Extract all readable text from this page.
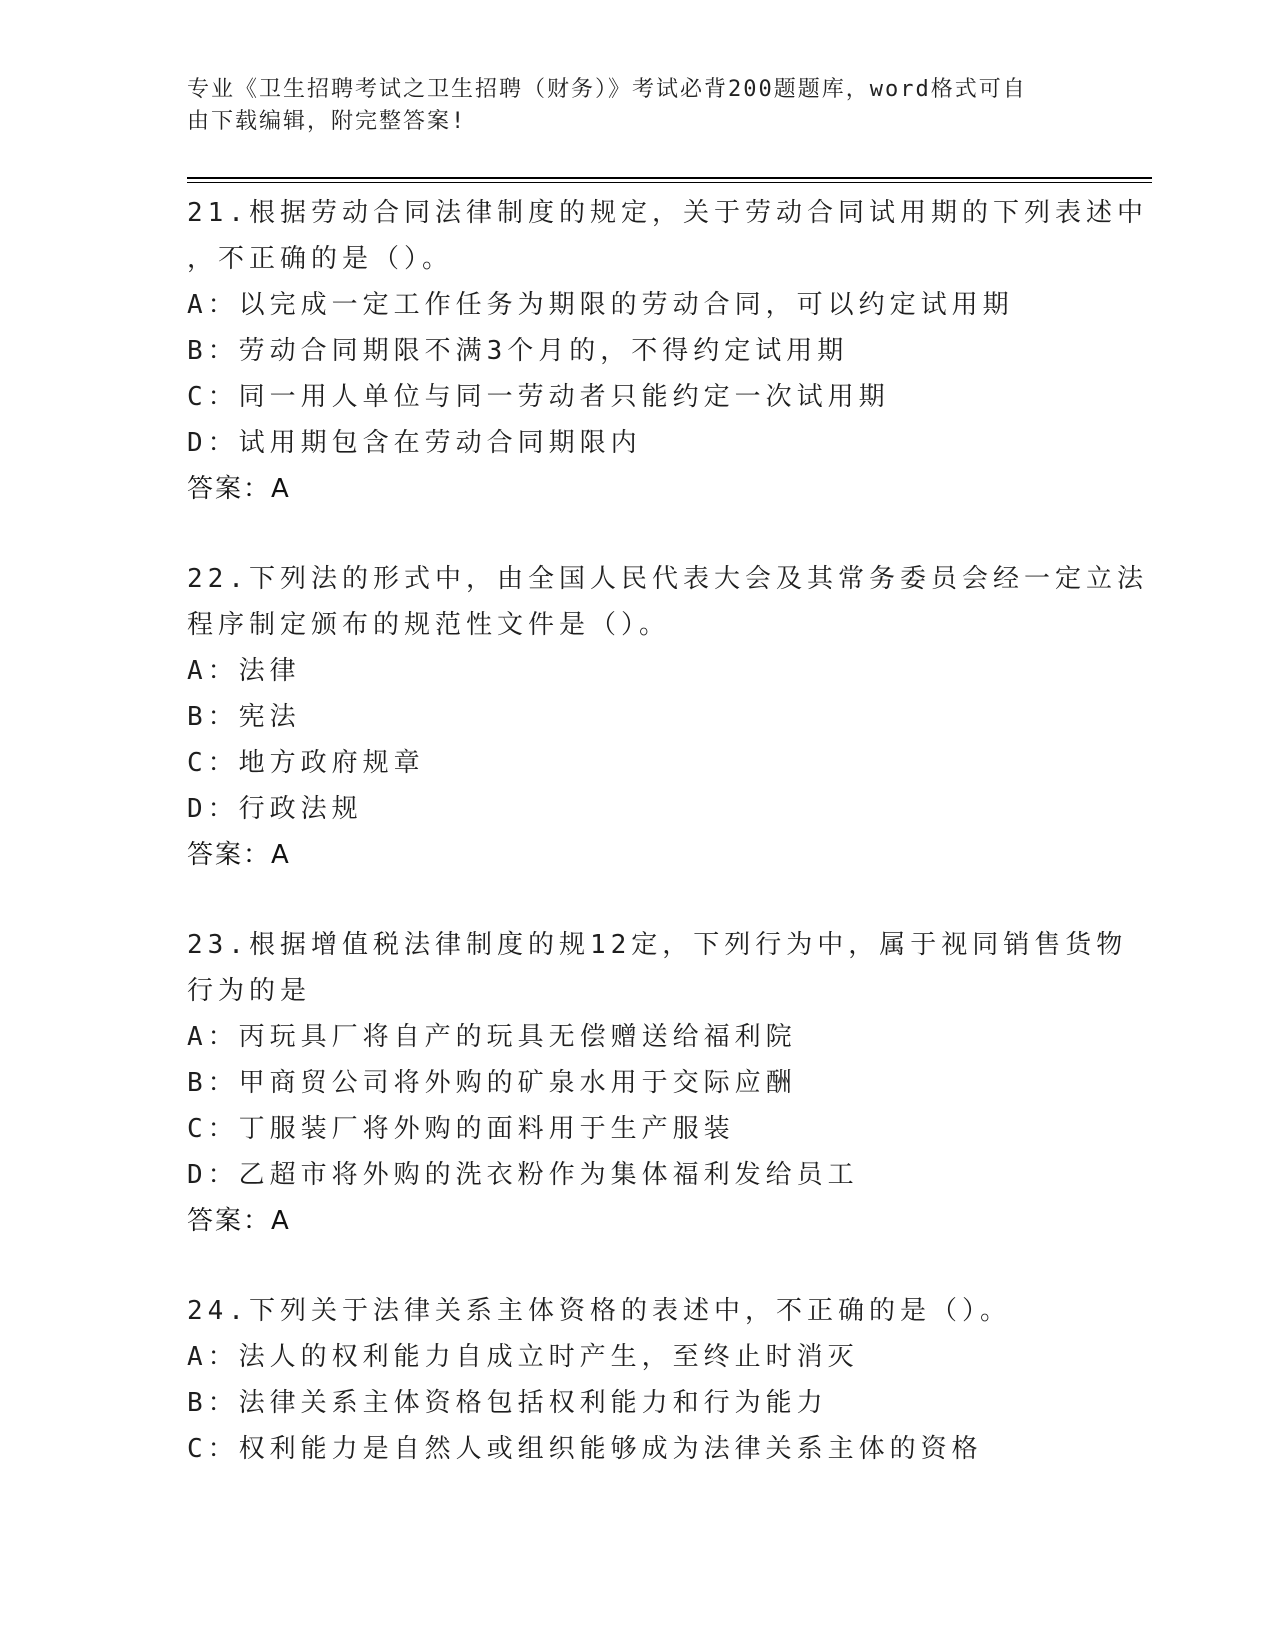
专业《卫生招聘考试之卫生招聘（财务）》考试必背200题题库，word格式可自
由下载编辑，附完整答案!
21.根据劳动合同法律制度的规定，关于劳动合同试用期的下列表述中
，不正确的是（）。
A：以完成一定工作任务为期限的劳动合同，可以约定试用期
B：劳动合同期限不满3个月的，不得约定试用期
C：同一用人单位与同一劳动者只能约定一次试用期
D：试用期包含在劳动合同期限内
答案：A
22.下列法的形式中，由全国人民代表大会及其常务委员会经一定立法
程序制定颁布的规范性文件是（）。
A：法律
B：宪法
C：地方政府规章
D：行政法规
答案：A
23.根据增值税法律制度的规12定，下列行为中，属于视同销售货物
行为的是
A：丙玩具厂将自产的玩具无偿赠送给福利院
B：甲商贸公司将外购的矿泉水用于交际应酬
C：丁服装厂将外购的面料用于生产服装
D：乙超市将外购的洗衣粉作为集体福利发给员工
答案：A
24.下列关于法律关系主体资格的表述中，不正确的是（）。
A：法人的权利能力自成立时产生，至终止时消灭
B：法律关系主体资格包括权利能力和行为能力
C：权利能力是自然人或组织能够成为法律关系主体的资格
